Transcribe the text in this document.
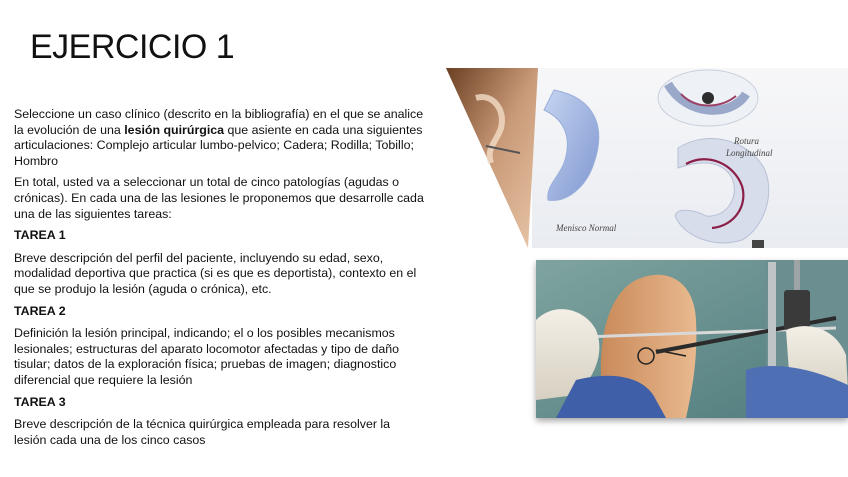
EJERCICIO 1

Seleccione un caso clínico (descrito en la bibliografía) en el que se analice la evolución de una lesión quirúrgica que asiente en cada una siguientes articulaciones: Complejo articular lumbo-pelvico; Cadera; Rodilla; Tobillo; Hombro

En total, usted va a seleccionar un total de cinco patologías (agudas o crónicas). En cada una de las lesiones le proponemos que desarrolle cada una de las siguientes tareas:

TAREA 1

Breve descripción del perfil del paciente, incluyendo su edad, sexo, modalidad deportiva que practica (si es que es deportista), contexto en el que se produjo la lesión (aguda o crónica), etc.

TAREA 2

Definición la lesión principal, indicando; el o los posibles mecanismos lesionales; estructuras del aparato locomotor afectadas y tipo de daño tisular; datos de la exploración física; pruebas de imagen; diagnostico diferencial que requiere la lesión

TAREA 3

Breve descripción de la técnica quirúrgica empleada para resolver la lesión cada una de los cinco casos

Menisco Normal
Rotura
Longitudinal
